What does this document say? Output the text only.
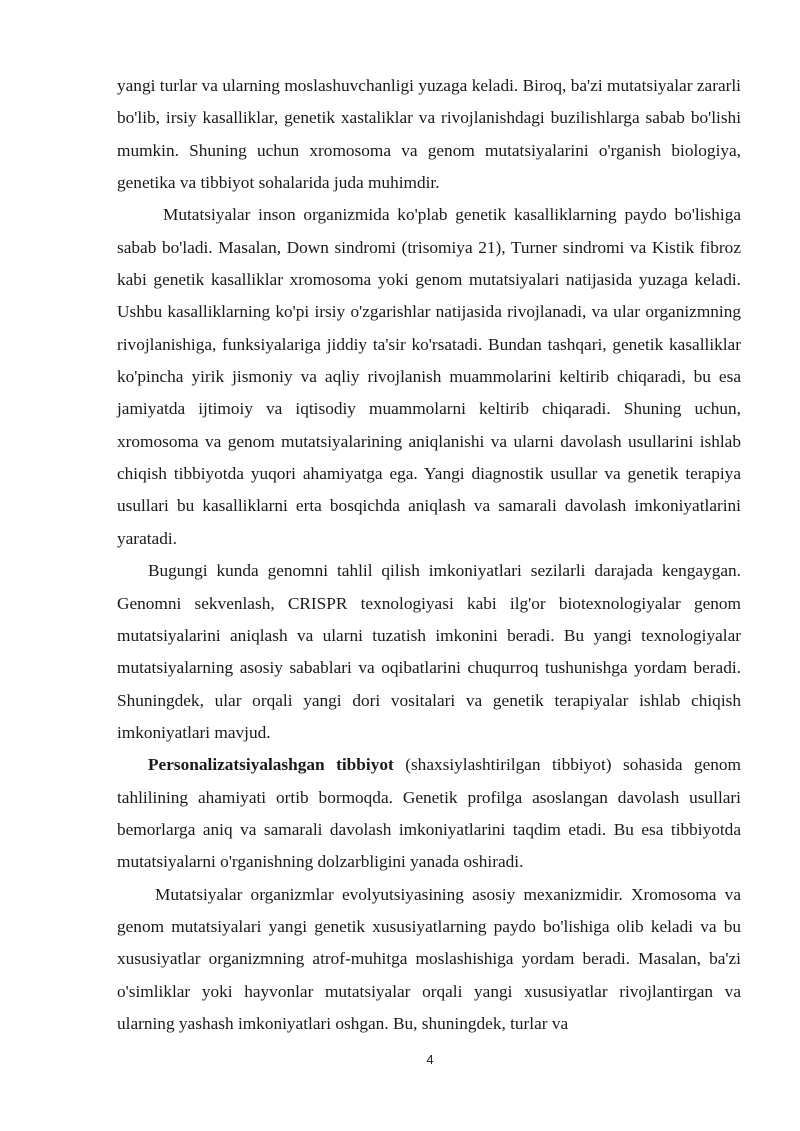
yangi turlar va ularning moslashuvchanligi yuzaga keladi. Biroq, ba'zi mutatsiyalar zararli bo'lib, irsiy kasalliklar, genetik xastaliklar va rivojlanishdagi buzilishlarga sabab bo'lishi mumkin. Shuning uchun xromosoma va genom mutatsiyalarini o'rganish biologiya, genetika va tibbiyot sohalarida juda muhimdir.

Mutatsiyalar inson organizmida ko'plab genetik kasalliklarning paydo bo'lishiga sabab bo'ladi. Masalan, Down sindromi (trisomiya 21), Turner sindromi va Kistik fibroz kabi genetik kasalliklar xromosoma yoki genom mutatsiyalari natijasida yuzaga keladi. Ushbu kasalliklarning ko'pi irsiy o'zgarishlar natijasida rivojlanadi, va ular organizmning rivojlanishiga, funksiyalariga jiddiy ta'sir ko'rsatadi. Bundan tashqari, genetik kasalliklar ko'pincha yirik jismoniy va aqliy rivojlanish muammolarini keltirib chiqaradi, bu esa jamiyatda ijtimoiy va iqtisodiy muammolarni keltirib chiqaradi. Shuning uchun, xromosoma va genom mutatsiyalarining aniqlanishi va ularni davolash usullarini ishlab chiqish tibbiyotda yuqori ahamiyatga ega. Yangi diagnostik usullar va genetik terapiya usullari bu kasalliklarni erta bosqichda aniqlash va samarali davolash imkoniyatlarini yaratadi.

Bugungi kunda genomni tahlil qilish imkoniyatlari sezilarli darajada kengaygan. Genomni sekvenlash, CRISPR texnologiyasi kabi ilg'or biotexnologiyalar genom mutatsiyalarini aniqlash va ularni tuzatish imkonini beradi. Bu yangi texnologiyalar mutatsiyalarning asosiy sabablari va oqibatlarini chuqurroq tushunishga yordam beradi. Shuningdek, ular orqali yangi dori vositalari va genetik terapiyalar ishlab chiqish imkoniyatlari mavjud.

Personalizatsiyalashgan tibbiyot (shaxsiylashtirilgan tibbiyot) sohasida genom tahlilining ahamiyati ortib bormoqda. Genetik profilga asoslangan davolash usullari bemorlarga aniq va samarali davolash imkoniyatlarini taqdim etadi. Bu esa tibbiyotda mutatsiyalarni o'rganishning dolzarbligini yanada oshiradi.

Mutatsiyalar organizmlar evolyutsiyasining asosiy mexanizmidir. Xromosoma va genom mutatsiyalari yangi genetik xususiyatlarning paydo bo'lishiga olib keladi va bu xususiyatlar organizmning atrof-muhitga moslashishiga yordam beradi. Masalan, ba'zi o'simliklar yoki hayvonlar mutatsiyalar orqali yangi xususiyatlar rivojlantirgan va ularning yashash imkoniyatlari oshgan. Bu, shuningdek, turlar va

4
